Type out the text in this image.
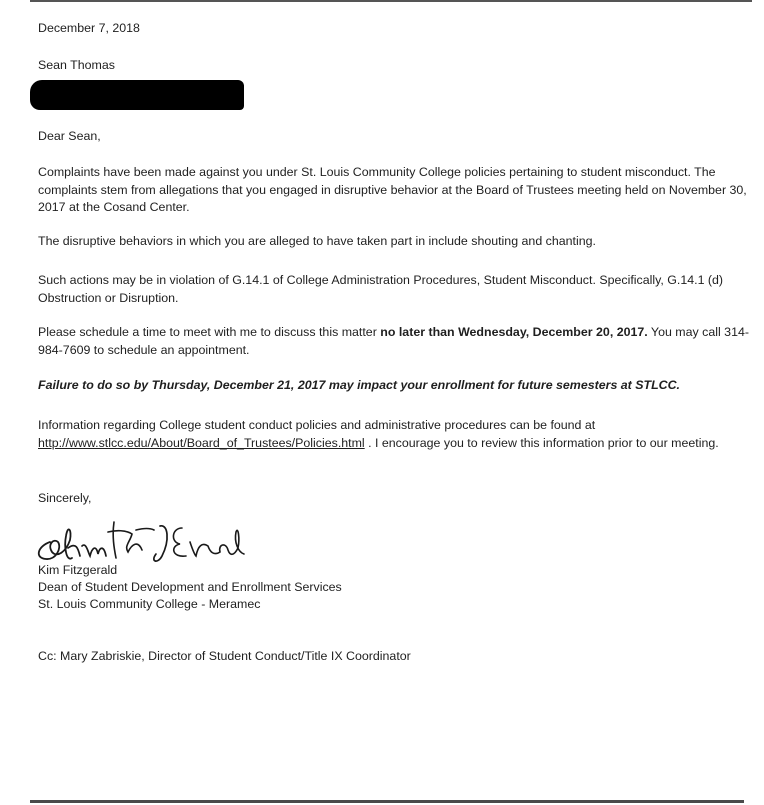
December 7, 2018

Sean Thomas

Dear Sean,

Complaints have been made against you under St. Louis Community College policies pertaining to student misconduct. The complaints stem from allegations that you engaged in disruptive behavior at the Board of Trustees meeting held on November 30, 2017 at the Cosand Center.

The disruptive behaviors in which you are alleged to have taken part in include shouting and chanting.

Such actions may be in violation of G.14.1 of College Administration Procedures, Student Misconduct. Specifically, G.14.1 (d) Obstruction or Disruption.

Please schedule a time to meet with me to discuss this matter no later than Wednesday, December 20, 2017. You may call 314-984-7609 to schedule an appointment.

Failure to do so by Thursday, December 21, 2017 may impact your enrollment for future semesters at STLCC.

Information regarding College student conduct policies and administrative procedures can be found at http://www.stlcc.edu/About/Board_of_Trustees/Policies.html . I encourage you to review this information prior to our meeting.

Sincerely,

Kim Fitzgerald

Dean of Student Development and Enrollment Services

St. Louis Community College - Meramec

Cc: Mary Zabriskie, Director of Student Conduct/Title IX Coordinator
